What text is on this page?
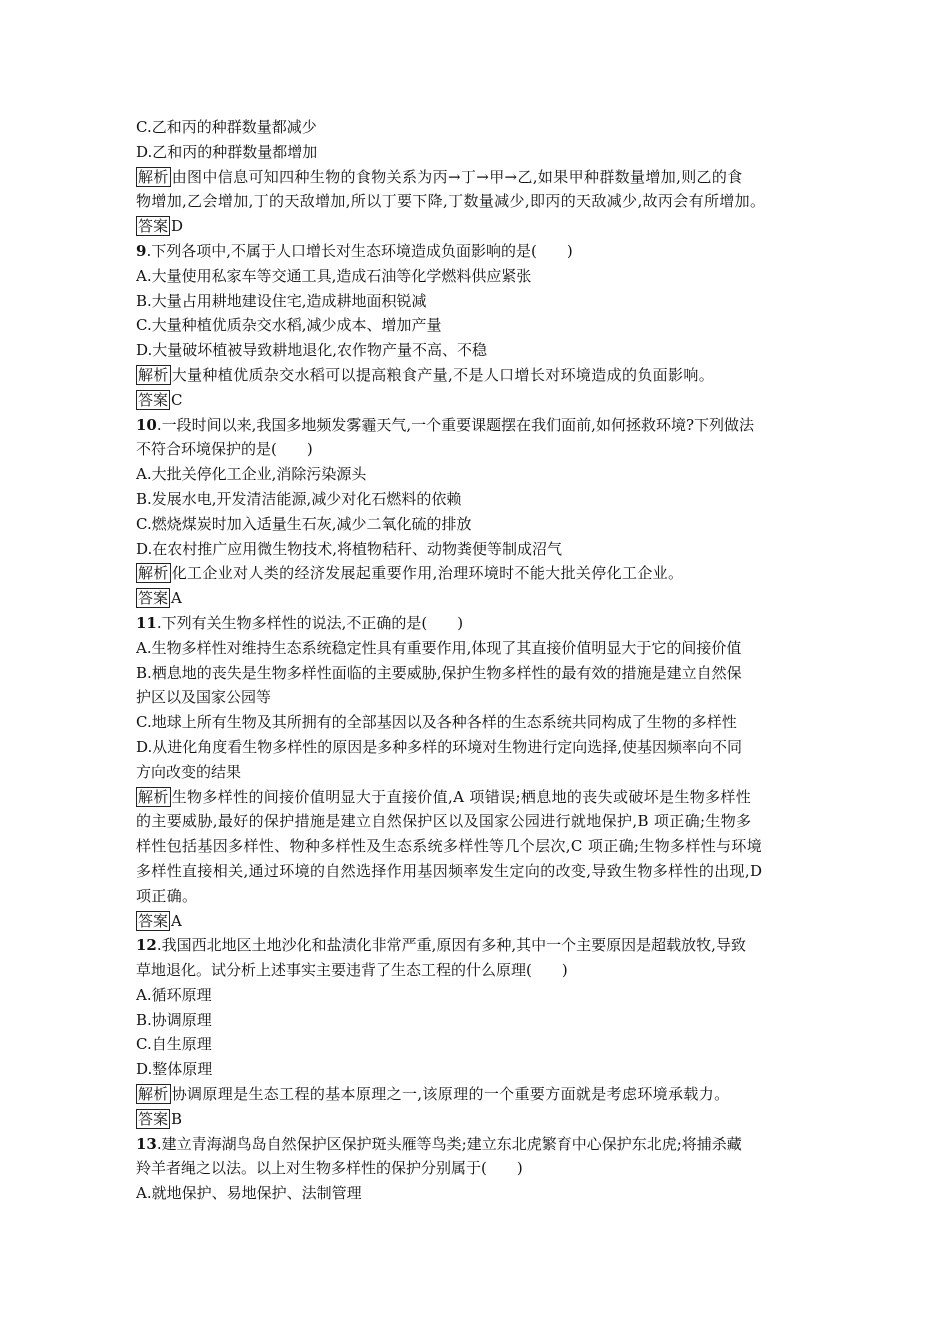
C.乙和丙的种群数量都减少
D.乙和丙的种群数量都增加
解析 由图中信息可知四种生物的食物关系为丙→丁→甲→乙,如果甲种群数量增加,则乙的食
物增加,乙会增加,丁的天敌增加,所以丁要下降,丁数量减少,即丙的天敌减少,故丙会有所增加。
答案 D
9.下列各项中,不属于人口增长对生态环境造成负面影响的是(　　)
A.大量使用私家车等交通工具,造成石油等化学燃料供应紧张
B.大量占用耕地建设住宅,造成耕地面积锐减
C.大量种植优质杂交水稻,减少成本、增加产量
D.大量破坏植被导致耕地退化,农作物产量不高、不稳
解析 大量种植优质杂交水稻可以提高粮食产量,不是人口增长对环境造成的负面影响。
答案 C
10.一段时间以来,我国多地频发雾霾天气,一个重要课题摆在我们面前,如何拯救环境?下列做法
不符合环境保护的是(　　)
A.大批关停化工企业,消除污染源头
B.发展水电,开发清洁能源,减少对化石燃料的依赖
C.燃烧煤炭时加入适量生石灰,减少二氧化硫的排放
D.在农村推广应用微生物技术,将植物秸秆、动物粪便等制成沼气
解析 化工企业对人类的经济发展起重要作用,治理环境时不能大批关停化工企业。
答案 A
11.下列有关生物多样性的说法,不正确的是(　　)
A.生物多样性对维持生态系统稳定性具有重要作用,体现了其直接价值明显大于它的间接价值
B.栖息地的丧失是生物多样性面临的主要威胁,保护生物多样性的最有效的措施是建立自然保
护区以及国家公园等
C.地球上所有生物及其所拥有的全部基因以及各种各样的生态系统共同构成了生物的多样性
D.从进化角度看生物多样性的原因是多种多样的环境对生物进行定向选择,使基因频率向不同
方向改变的结果
解析 生物多样性的间接价值明显大于直接价值,A 项错误;栖息地的丧失或破坏是生物多样性
的主要威胁,最好的保护措施是建立自然保护区以及国家公园进行就地保护,B 项正确;生物多
样性包括基因多样性、物种多样性及生态系统多样性等几个层次,C 项正确;生物多样性与环境
多样性直接相关,通过环境的自然选择作用基因频率发生定向的改变,导致生物多样性的出现,D
项正确。
答案 A
12.我国西北地区土地沙化和盐渍化非常严重,原因有多种,其中一个主要原因是超载放牧,导致
草地退化。试分析上述事实主要违背了生态工程的什么原理(　　)
A.循环原理
B.协调原理
C.自生原理
D.整体原理
解析 协调原理是生态工程的基本原理之一,该原理的一个重要方面就是考虑环境承载力。
答案 B
13.建立青海湖鸟岛自然保护区保护斑头雁等鸟类;建立东北虎繁育中心保护东北虎;将捕杀藏
羚羊者绳之以法。以上对生物多样性的保护分别属于(　　)
A.就地保护、易地保护、法制管理
